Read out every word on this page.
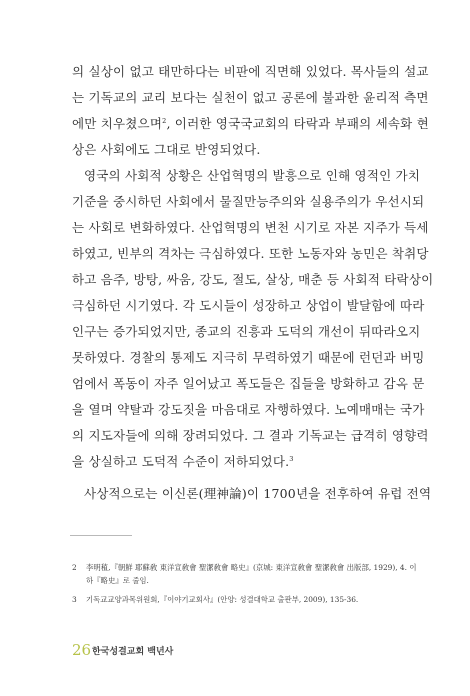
의 실상이 없고 태만하다는 비판에 직면해 있었다. 목사들의 설교
는 기독교의 교리 보다는 실천이 없고 공론에 불과한 윤리적 측면
에만 치우쳤으며$^2$, 이러한 영국국교회의 타락과 부패의 세속화 현
상은 사회에도 그대로 반영되었다.
영국의 사회적 상황은 산업혁명의 발흥으로 인해 영적인 가치
기준을 중시하던 사회에서 물질만능주의와 실용주의가 우선시되
는 사회로 변화하였다. 산업혁명의 변천 시기로 자본 지주가 득세
하였고, 빈부의 격차는 극심하였다. 또한 노동자와 농민은 착취당
하고 음주, 방탕, 싸움, 강도, 절도, 살상, 매춘 등 사회적 타락상이
극심하던 시기였다. 각 도시들이 성장하고 상업이 발달함에 따라
인구는 증가되었지만, 종교의 진흥과 도덕의 개선이 뒤따라오지
못하였다. 경찰의 통제도 지극히 무력하였기 때문에 런던과 버밍
엄에서 폭동이 자주 일어났고 폭도들은 집들을 방화하고 감옥 문
을 열며 약탈과 강도짓을 마음대로 자행하였다. 노예매매는 국가
의 지도자들에 의해 장려되었다. 그 결과 기독교는 급격히 영향력
을 상실하고 도덕적 수준이 저하되었다.$^3$
사상적으로는 이신론(理神論)이 1700년을 전후하여 유럽 전역
2 李明稙,『朝鮮 耶蘇敎 東洋宣敎會 聖潔敎會 略史』(京城: 東洋宣敎會 聖潔敎會 出版部, 1929), 4. 이
하『略史』로 줄임.
3 기독교교양과목위원회,『이야기교회사』(안양: 성결대학교 출판부, 2009), 135-36.
26 한국성결교회 백년사
